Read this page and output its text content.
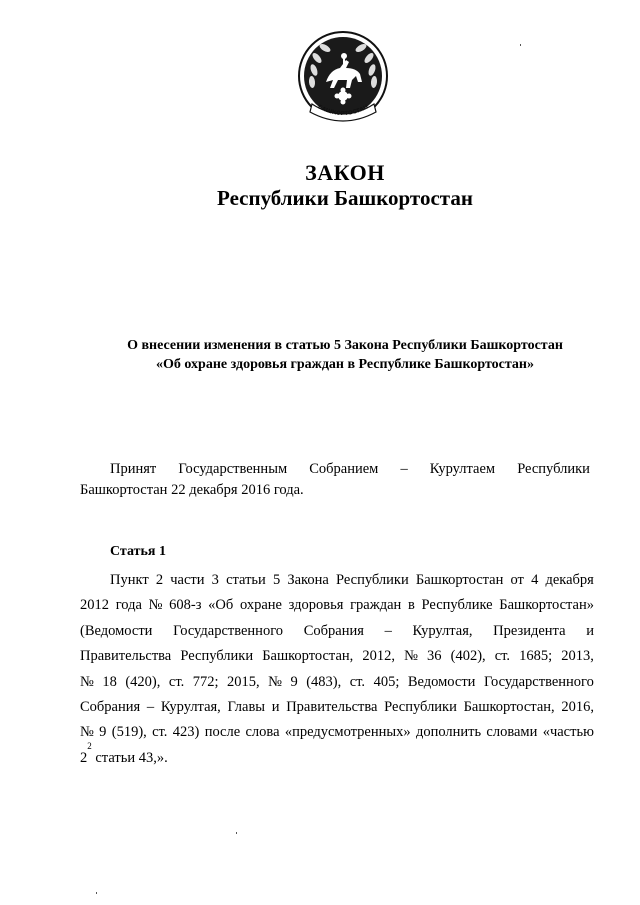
БАШКОРТОСТАН
ЗАКОН
Республики Башкортостан
О внесении изменения в статью 5 Закона Республики Башкортостан
«Об охране здоровья граждан в Республике Башкортостан»
Принят Государственным Собранием – Курултаем Республики
Башкортостан 22 декабря 2016 года.
Статья 1
Пункт 2 части 3 статьи 5 Закона Республики Башкортостан от 4 декабря
2012 года № 608-з «Об охране здоровья граждан в Республике Башкортостан»
(Ведомости Государственного Собрания – Курултая, Президента и
Правительства Республики Башкортостан, 2012, № 36 (402), ст. 1685; 2013,
№ 18 (420), ст. 772; 2015, № 9 (483), ст. 405; Ведомости Государственного
Собрания – Курултая, Главы и Правительства Республики Башкортостан, 2016,
№ 9 (519), ст. 423) после слова «предусмотренных» дополнить словами «частью
2
2
статьи 43,».
